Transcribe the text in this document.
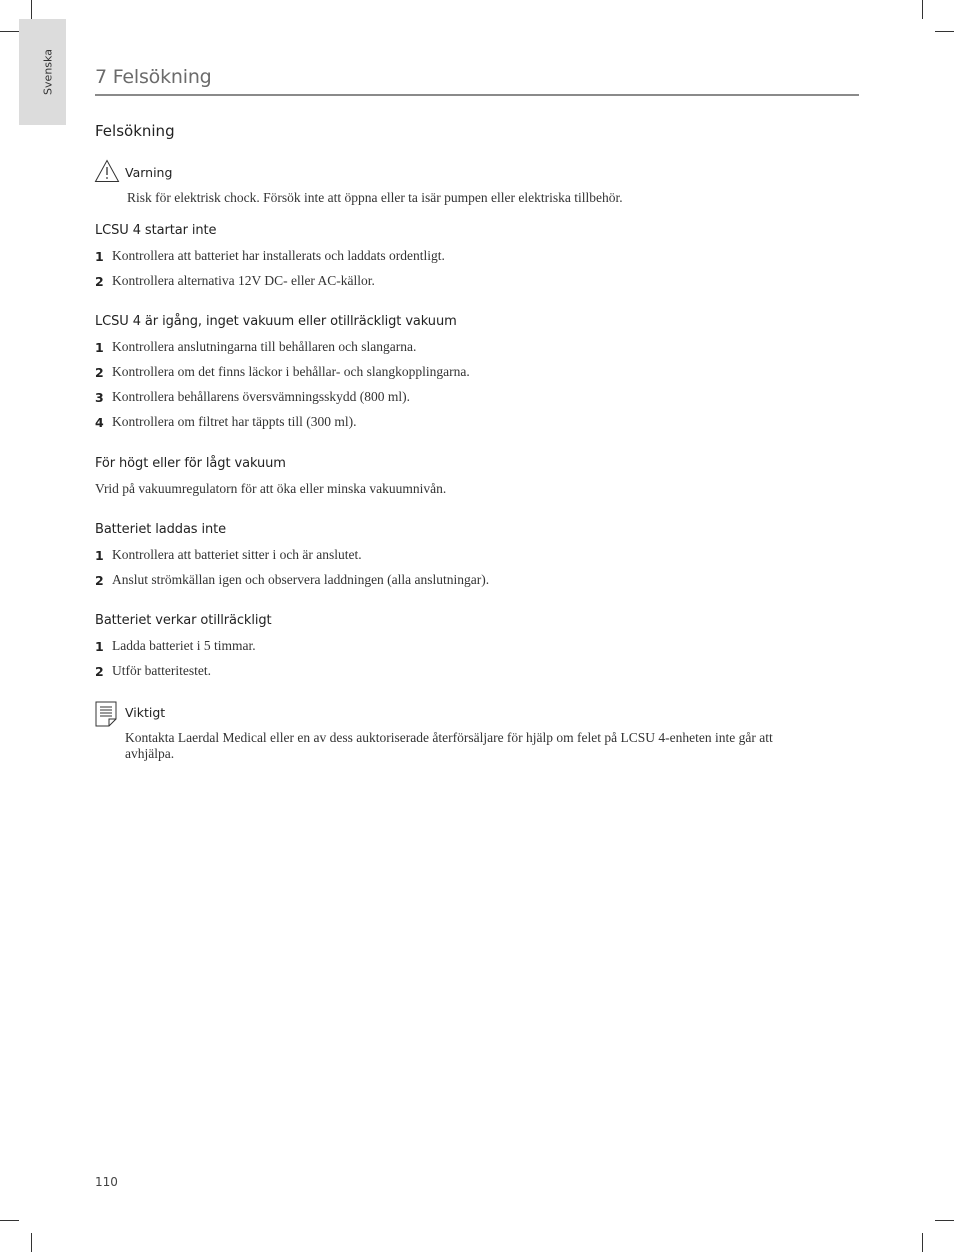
Svenska 7 Felsökning
Felsökning
Varning
Risk för elektrisk chock. Försök inte att öppna eller ta isär pumpen eller elektriska tillbehör.
LCSU 4 startar inte
1 Kontrollera att batteriet har installerats och laddats ordentligt.
2 Kontrollera alternativa 12V DC- eller AC-källor.
LCSU 4 är igång, inget vakuum eller otillräckligt vakuum
1 Kontrollera anslutningarna till behållaren och slangarna.
2 Kontrollera om det finns läckor i behållar- och slangkopplingarna.
3 Kontrollera behållarens översvämningsskydd (800 ml).
4 Kontrollera om filtret har täppts till (300 ml).
För högt eller för lågt vakuum
Vrid på vakuumregulatorn för att öka eller minska vakuumnivån.
Batteriet laddas inte
1 Kontrollera att batteriet sitter i och är anslutet.
2 Anslut strömkällan igen och observera laddningen (alla anslutningar).
Batteriet verkar otillräckligt
1 Ladda batteriet i 5 timmar.
2 Utför batteritestet.
Viktigt
Kontakta Laerdal Medical eller en av dess auktoriserade återförsäljare för hjälp om felet på LCSU 4-enheten inte går att avhjälpa.
110
